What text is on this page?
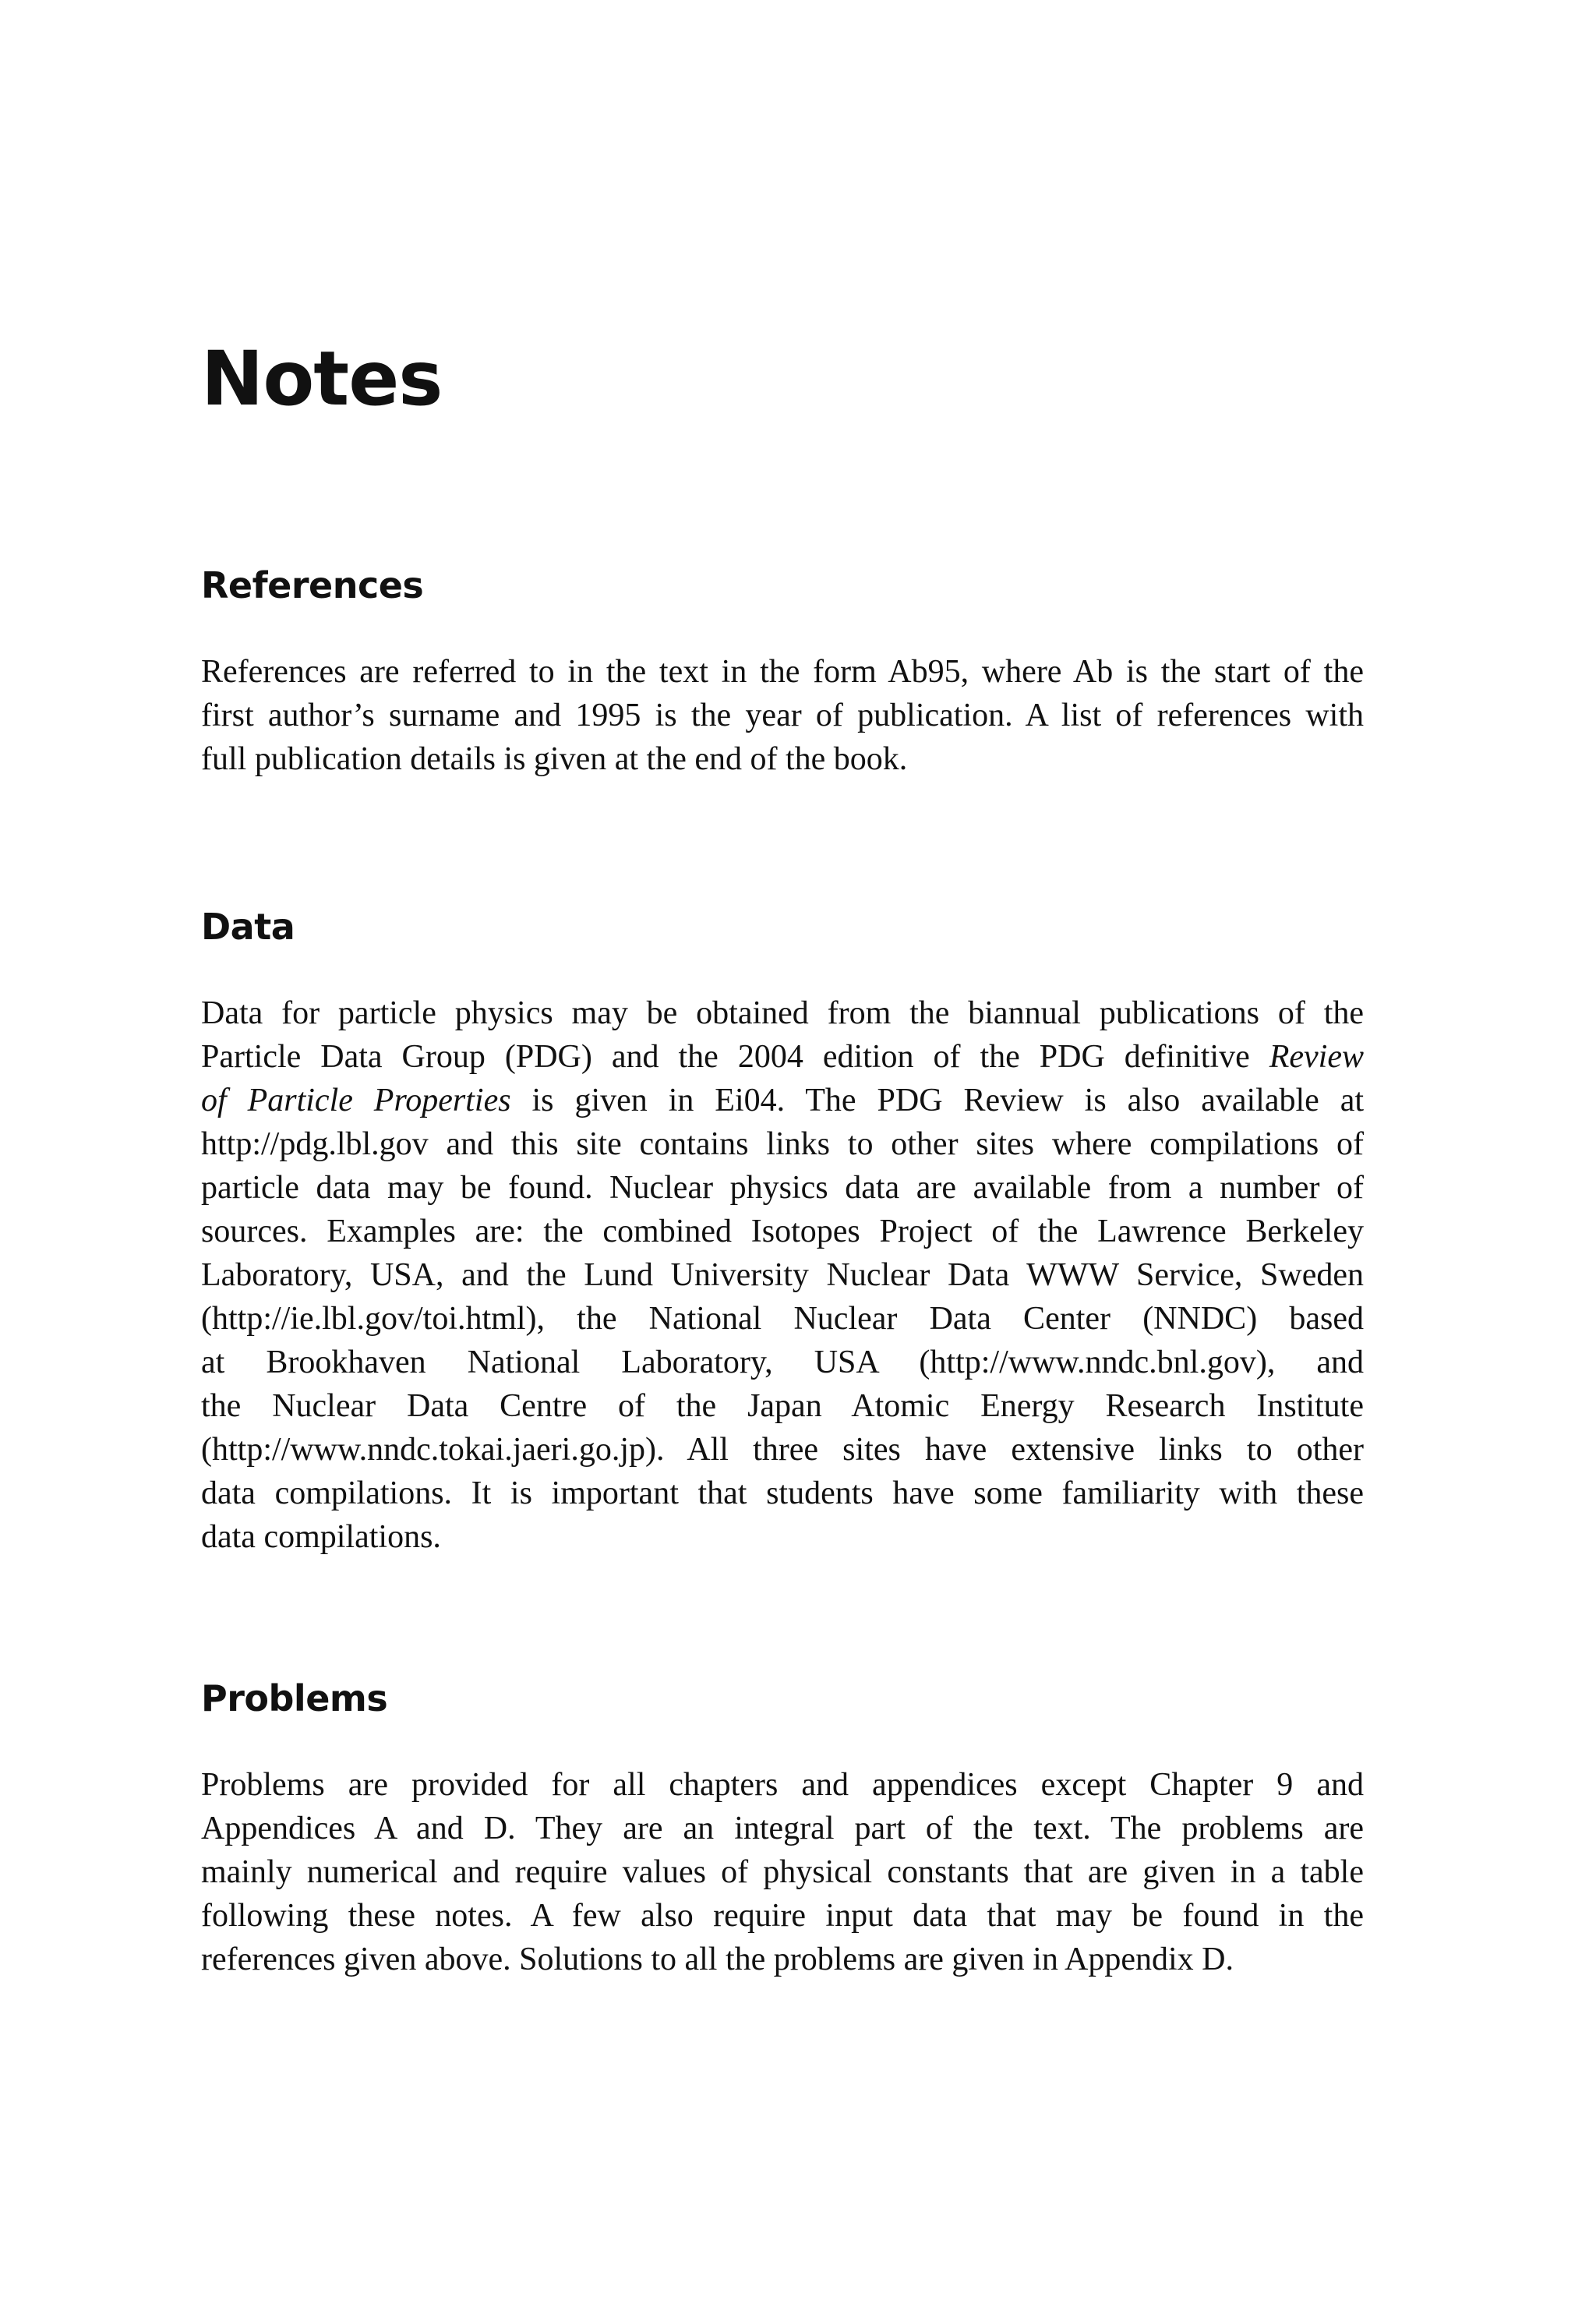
Notes
References

References are referred to in the text in the form Ab95, where Ab is the start of the
first author’s surname and 1995 is the year of publication. A list of references with
full publication details is given at the end of the book.

Data

Data for particle physics may be obtained from the biannual publications of the
Particle Data Group (PDG) and the 2004 edition of the PDG definitive Review
of Particle Properties is given in Ei04. The PDG Review is also available at
http://pdg.lbl.gov and this site contains links to other sites where compilations of
particle data may be found. Nuclear physics data are available from a number of
sources. Examples are: the combined Isotopes Project of the Lawrence Berkeley
Laboratory, USA, and the Lund University Nuclear Data WWW Service, Sweden
(http://ie.lbl.gov/toi.html), the National Nuclear Data Center (NNDC) based
at Brookhaven National Laboratory, USA (http://www.nndc.bnl.gov), and
the Nuclear Data Centre of the Japan Atomic Energy Research Institute
(http://www.nndc.tokai.jaeri.go.jp). All three sites have extensive links to other
data compilations. It is important that students have some familiarity with these
data compilations.

Problems

Problems are provided for all chapters and appendices except Chapter 9 and
Appendices A and D. They are an integral part of the text. The problems are
mainly numerical and require values of physical constants that are given in a table
following these notes. A few also require input data that may be found in the
references given above. Solutions to all the problems are given in Appendix D.
